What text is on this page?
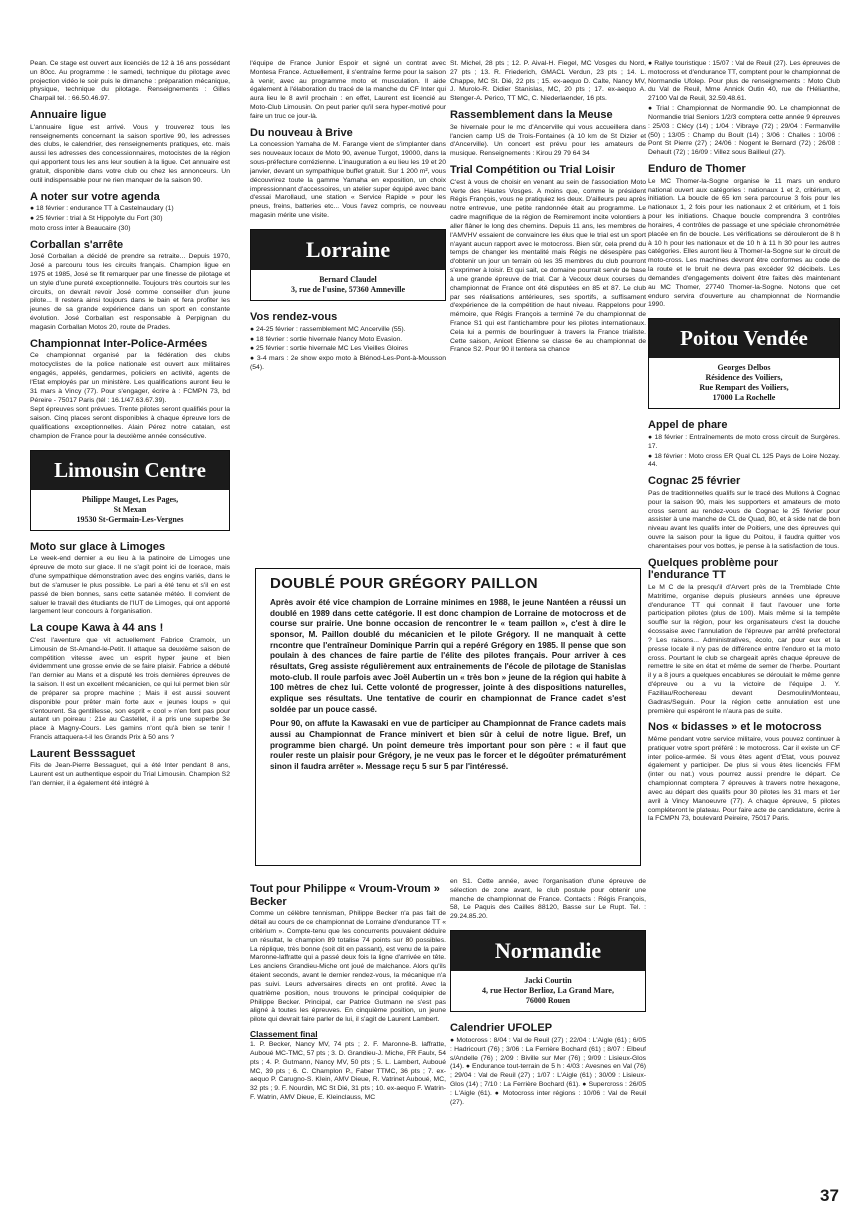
Pean. Ce stage est ouvert aux licenciés de 12 à 16 ans possédant un 80cc. Au programme : le samedi, technique du pilotage avec projection vidéo le soir puis le dimanche : préparation mécanique, physique, technique du pilotage. Renseignements : Gilles Charpail tel. : 66.50.46.97.

Annuaire ligue

L'annuaire ligue est arrivé. Vous y trouverez tous les renseignements concernant la saison sportive 90, les adresses des clubs, le calendrier, des renseignements pratiques, etc. mais aussi les adresses des concessionnaires, motocistes de la région qui apportent tous les ans leur soutien à la ligue. Cet annuaire est gratuit, disponible dans votre club ou chez les annonceurs. Un outil indispensable pour ne rien manquer de la saison 90.

A noter sur votre agenda

● 18 février : endurance TT à Castelnaudary (1)

● 25 février : trial à St Hippolyte du Fort (30)

moto cross inter à Beaucaire (30)

Corballan s'arrête

José Corballan a décidé de prendre sa retraite... Depuis 1970, José a parcouru tous les circuits français. Champion ligue en 1975 et 1985, José se fit remarquer par une finesse de pilotage et un style d'une pureté exceptionnelle. Toujours très courtois sur les circuits, on devrait revoir José comme conseiller d'un jeune pilote... Il restera ainsi toujours dans le bain et fera profiter les jeunes de sa grande expérience dans un sport en constante évolution. José Corballan est responsable à Perpignan du magasin Corballan Motos 20, route de Prades.

Championnat Inter-Police-Armées

Ce championnat organisé par la fédération des clubs motocyclistes de la police nationale est ouvert aux militaires engagés, appelés, gendarmes, policiers en activité, agents de l'Etat employés par un ministère. Les qualifications auront lieu le 31 mars à Vincy (77). Pour s'engager, écrire à : FCMPN 73, bd Péreire - 75017 Paris (tél : 16.1/47.63.67.39).

Sept épreuves sont prévues. Trente pilotes seront qualifiés pour la saison. Cinq places seront disponibles à chaque épreuve lors de qualifications exceptionnelles. Alain Pérez notre catalan, est champion de France pour la deuxième année consécutive.

Limousin Centre
Philippe Mauget, Les Pages,
St Mexan
19530 St-Germain-Les-Vergnes
Moto sur glace à Limoges

Le week-end dernier a eu lieu à la patinoire de Limoges une épreuve de moto sur glace. Il ne s'agit point ici de Icerace, mais d'une sympathique démonstration avec des engins variés, dans le but de s'amuser le plus possible. Le pari a été tenu et s'il en est passé de bien bonnes, sans cette satanée météo. Il convient de saluer le travail des étudiants de l'IUT de Limoges, qui ont apporté largement leur concours à l'organisation.

La coupe Kawa à 44 ans !

C'est l'aventure que vit actuellement Fabrice Cramoix, un Limousin de St-Amand-le-Petit. Il attaque sa deuxième saison de compétition vitesse avec un esprit hyper jeune et bien évidemment une grosse envie de se faire plaisir. Fabrice a débuté l'an dernier au Mans et a disputé les trois dernières épreuves de la saison. Il est un excellent mécanicien, ce qui lui permet bien sûr de préparer sa propre machine ; Mais il est aussi souvent disponible pour prêter main forte aux « jeunes loups » qui s'entourent. Sa gentillesse, son esprit « cool » n'en font pas pour autant un poireau : 21e au Castellet, il a pris une superbe 3e place à Magny-Cours. Les gamins n'ont qu'à bien se tenir ! Francis attaquera-t-il les Grands Prix à 50 ans ?

Laurent Besssaguet

Fils de Jean-Pierre Bessaguet, qui a été Inter pendant 8 ans, Laurent est un authentique espoir du Trial Limousin. Champion S2 l'an dernier, il a également été intégré à

l'équipe de France Junior Espoir et signé un contrat avec Montesa France. Actuellement, il s'entraîne ferme pour la saison à venir, avec au programme moto et musculation. Il aide également à l'élaboration du tracé de la manche du CF Inter qui aura lieu le 8 avril prochain : en effet, Laurent est licencié au Moto-Club Limousin. On peut parier qu'il sera hyper-motivé pour faire un truc ce jour-là.

Du nouveau à Brive

La concession Yamaha de M. Farange vient de s'implanter dans ses nouveaux locaux de Moto 90, avenue Turgot, 19000, dans la sous-préfecture corrézienne. L'inauguration a eu lieu les 19 et 20 janvier, devant un sympathique buffet gratuit. Sur 1 200 m², vous découvrirez toute la gamme Yamaha en exposition, un choix impressionnant d'accessoires, un atelier super équipé avec banc d'essai Marollaud, une station « Service Rapide » pour les pneus, freins, batteries etc... Vous l'avez compris, ce nouveau magasin mérite une visite.

Lorraine
Bernard Claudel
3, rue de l'usine, 57360 Amneville
Vos rendez-vous

● 24-25 février : rassemblement MC Ancerville (55).

● 18 février : sortie hivernale Nancy Moto Evasion.

● 25 février : sortie hivernale MC Les Vieilles Gloires

● 3-4 mars : 2e show expo moto à Blénod-Les-Pont-à-Mousson (54).

St. Michel, 28 pts ; 12. P. Aival-H. Fiegel, MC Vosges du Nord, 27 pts ; 13. R. Friederich, GMACL Verdun, 23 pts ; 14. L. Chappe, MC St. Dié, 22 pts ; 15. ex-aequo D. Calte, Nancy MV, J. Murolo-R. Didier Stanislas, MC, 20 pts ; 17. ex-aequo A. Stenger-A. Perico, TT MC, C. Niederlaender, 16 pts.

Rassemblement dans la Meuse

3e hivernale pour le mc d'Ancerville qui vous accueillera dans l'ancien camp US de Trois-Fontaines (à 10 km de St Dizier et d'Ancerville). Un concert est prévu pour les amateurs de musique. Renseignements : Kirou 29 79 64 34

Trial Compétition ou Trial Loisir

C'est à vous de choisir en venant au sein de l'association Moto Verte des Hautes Vosges. A moins que, comme le président Régis François, vous ne pratiquiez les deux. D'ailleurs peu après notre entrevue, une petite randonnée était au programme. Le cadre magnifique de la région de Remiremont incite volontiers à aller flâner le long des chemins. Depuis 11 ans, les membres de l'AMVHV essaient de convaincre les élus que le trial est un sport n'ayant aucun rapport avec le motocross. Bien sûr, cela prend du temps de changer les mentalité mais Régis ne désespère pas d'obtenir un jour un terrain où les 35 membres du club pourront s'exprimer à loisir. Et qui sait, ce domaine pourrait servir de base à une grande épreuve de trial. Car à Vecoux deux courses du championnat de France ont été disputées en 85 et 87. Le club par ses réalisations antérieures, ses sportifs, a suffisament d'expérience de la compétition de haut niveau. Rappelons pour mémoire, que Régis François a terminé 7e du championnat de France S1 qui est l'antichambre pour les pilotes internationaux. Cela lui a permis de bourlinguer à travers la France trialiste. Cette saison, Anicet Etienne se classe 6e au championnat de France S2. Pour 90 il tentera sa chance

DOUBLÉ POUR GRÉGORY PAILLON

Après avoir été vice champion de Lorraine minimes en 1988, le jeune Nantéen a réussi un doublé en 1989 dans cette catégorie. Il est donc champion de Lorraine de motocross et de course sur prairie. Une bonne occasion de rencontrer le « team paillon », c'est à dire le sponsor, M. Paillon doublé du mécanicien et le pilote Grégory. Il ne manquait à cette rncontre que l'entraîneur Dominique Parrin qui a repéré Grégory en 1985. Il pense que son poulain à des chances de faire partie de l'élite des pilotes français. Pour arriver à ces résultats, Greg assiste régulièrement aux entrainements de l'école de pilotage de Stanislas moto-club. Il roule parfois avec Joël Aubertin un « très bon » jeune de la région qui habite à 100 mètres de chez lui. Cette volonté de progresser, jointe à des dispositions naturelles, explique ses résultats. Une tentative de courir en championnat de France cadet s'est soldée par un pouce cassé.

Pour 90, on affute la Kawasaki en vue de participer au Championnat de France cadets mais aussi au Championnat de France minivert et bien sûr à celui de notre ligue. Bref, un programme bien chargé. Un point demeure très important pour son père : « il faut que rouler reste un plaisir pour Grégory, je ne veux pas le forcer et le dégoûter prématurément sinon il faudra arrêter ». Message reçu 5 sur 5 par l'intéressé.

Tout pour Philippe « Vroum-Vroum » Becker

Comme un célèbre tennisman, Philippe Becker n'a pas fait de détail au cours de ce championnat de Lorraine d'endurance TT « critérium ». Compte-tenu que les concurrents pouvaient déduire un résultat, le champion 89 totalise 74 points sur 80 possibles. La réplique, très bonne (soit dit en passant), est venu de la paire Maronne-laffratte qui a passé deux fois la ligne d'arrivée en tête. Les anciens Grandieu-Miche ont joué de malchance. Alors qu'ils étaient seconds, avant le dernier rendez-vous, la mécanique n'a pas suivi. Leurs adversaires directs en ont profité. Avec la quatrième position, nous trouvons le principal coéquipier de Philippe Becker. Principal, car Patrice Gutmann ne s'est pas aligné à toutes les épreuves. En cinquième position, un jeune pilote qui devrait faire parler de lui, il s'agit de Laurent Lambert.

Classement final

1. P. Becker, Nancy MV, 74 pts ; 2. F. Maronne-B. laffratte, Auboué MC-TMC, 57 pts ; 3. D. Grandieu-J. Miche, FR Faulx, 54 pts ; 4. P. Gutmann, Nancy MV, 50 pts ; 5. L. Lambert, Auboué MC, 39 pts ; 6. C. Champlon P., Faber TTMC, 36 pts ; 7. ex-aequo P. Carugno-S. Klein, AMV Dieue, R. Vatrinet Auboué, MC, 32 pts ; 9. F. Nourdin, MC St Dié, 31 pts ; 10. ex-aequo F. Watrin-F. Watrin, AMV Dieue, E. Kleinclauss, MC

en S1. Cette année, avec l'organisation d'une épreuve de sélection de zone avant, le club postule pour obtenir une manche de championnat de France. Contacts : Régis François, 58, Le Paquis des Cailles 88120, Basse sur Le Rupt. Tel. : 29.24.85.20.

Normandie
Jacki Courtin
4, rue Hector Berlioz, La Grand Mare,
76000 Rouen
Calendrier UFOLEP

● Motocross : 8/04 : Val de Reuil (27) ; 22/04 : L'Aigle (61) ; 6/05 : Hadricourt (76) ; 3/06 : La Ferrière Bochard (61) ; 8/07 : Elbeuf s/Andelle (76) ; 2/09 : Biville sur Mer (76) ; 9/09 : Lisieux-Glos (14). ● Endurance tout-terrain de 5 h : 4/03 : Avesnes en Val (76) ; 29/04 : Val de Reuil (27) ; 1/07 : L'Aigle (61) ; 30/09 : Lisieux-Glos (14) ; 7/10 : La Ferrière Bochard (61). ● Supercross : 26/05 : L'Aigle (61). ● Motocross inter régions : 10/06 : Val de Reuil (27).

● Rallye touristique : 15/07 : Val de Reuil (27). Les épreuves de motocross et d'endurance TT, comptent pour le championnat de Normandie Ufolep. Pour plus de renseignements : Moto Club du Val de Reuil, Mme Annick Outin 40, rue de l'Hélianthe, 27100 Val de Reuil, 32.59.48.61.

● Trial : Championnat de Normandie 90. Le championnat de Normandie trial Seniors 1/2/3 comptera cette année 9 épreuves : 25/03 : Clécy (14) ; 1/04 : Vibraye (72) ; 29/04 : Fermanville (50) ; 13/05 : Champ du Boult (14) ; 3/06 : Challes : 10/06 : Pont St Pierre (27) ; 24/06 : Nogent le Bernard (72) ; 26/08 : Dehault (72) ; 16/09 : Villez sous Bailleul (27).

Enduro de Thomer

Le MC Thomer-la-Sogne organise le 11 mars un enduro national ouvert aux catégories : nationaux 1 et 2, critérium, et initiation. La boucle de 65 km sera parcourue 3 fois pour les nationaux 1, 2 fois pour les nationaux 2 et critérium, et 1 fois pour les initiations. Chaque boucle comprendra 3 contrôles horaires, 4 contrôles de passage et une spéciale chronométrée placée en fin de boucle. Les vérifications se dérouleront de 8 h à 10 h pour les nationaux et de 10 h à 11 h 30 pour les autres catégories. Elles auront lieu à Thomer-la-Sogne sur le circuit de moto-cross. Les machines devront être conformes au code de la route et le bruit ne devra pas excéder 92 décibels. Les demandes d'engagements doivent être faites dès maintenant au MC Thomer, 27740 Thomer-la-Sogne. Notons que cet enduro servira d'ouverture au championnat de Normandie 1990.

Poitou Vendée
Georges Delbos
Résidence des Voiliers,
Rue Rempart des Voiliers,
17000 La Rochelle
Appel de phare

● 18 février : Entraînements de moto cross circuit de Surgères. 17.

● 18 février : Moto cross ER Qual CL 125 Pays de Loire Nozay. 44.

Cognac 25 février

Pas de traditionnelles qualifs sur le tracé des Mullons à Cognac pour la saison 90, mais les supporters et amateurs de moto cross seront au rendez-vous de Cognac le 25 février pour assister à une manche de CL de Quad, 80, et à side nat de bon niveau avant les qualifs inter de Poitiers, une des épreuves qui ouvre la saison pour la ligue du Poitou, il faudra quitter vos charentaises pour vos bottes, je pense à la satisfaction de tous.

Quelques problème pour l'endurance TT

Le M C de la presqu'il d'Arvert près de la Tremblade Chte Matritime, organise depuis plusieurs années une épreuve d'endurance TT qui connait il faut l'avouer une forte participation pilotes (plus de 100). Mais même si la tempête souffle sur la région, pour les organisateurs c'est la douche écossaise avec l'annulation de l'épreuve par arrêté prefectoral ? Les raisons... Administratives, écolo, car pour eux et la presse locale il n'y pas de différence entre l'enduro et la moto cross. Pourtant le club se chargeait après chaque épreuve de remettre le site en état et même de semer de l'herbe. Pourtant il y a 8 jours a quelques encablures se déroulait le même genre d'épreuve ou a vu la victoire de l'équipe J. Y. Fazillau/Rochereau devant Desmoulin/Monteau, Gadras/Seguin. Pour la région cette annulation est une première qui espéront le n'aura pas de suite.

Nos « bidasses » et le motocross

Même pendant votre service militaire, vous pouvez continuer à pratiquer votre sport préféré : le motocross. Car il existe un CF inter police-armée. Si vous êtes agent d'Etat, vous pouvez également y participer. De plus si vous êtes licenciés FFM (inter ou nat.) vous pourrez aussi prendre le départ. Ce championnat comptera 7 épreuves à travers notre hexagone, avec au départ des qualifs pour 30 pilotes les 31 mars et 1er avril à Vincy Manoeuvre (77). A chaque épreuve, 5 pilotes compléteront le plateau. Pour faire acte de candidature, écrire à la FCMPN 73, boulevard Peireire, 75017 Paris.

37
